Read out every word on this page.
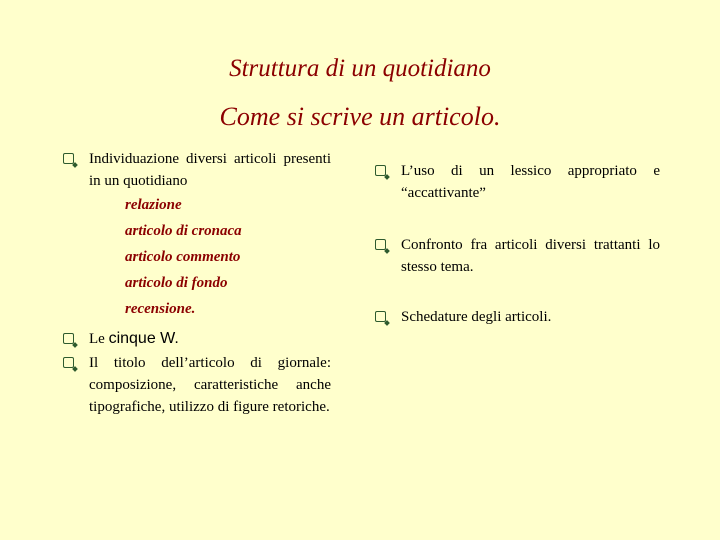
Struttura di un quotidiano
Come si scrive un articolo.
Individuazione diversi articoli presenti in un quotidiano
relazione
articolo di cronaca
articolo commento
articolo di fondo
recensione.
Le cinque W.
Il titolo dell’articolo di giornale: composizione, caratteristiche anche tipografiche, utilizzo di figure retoriche.
L’uso di un lessico appropriato e “accattivante”
Confronto fra articoli diversi trattanti lo stesso tema.
Schedature degli articoli.
